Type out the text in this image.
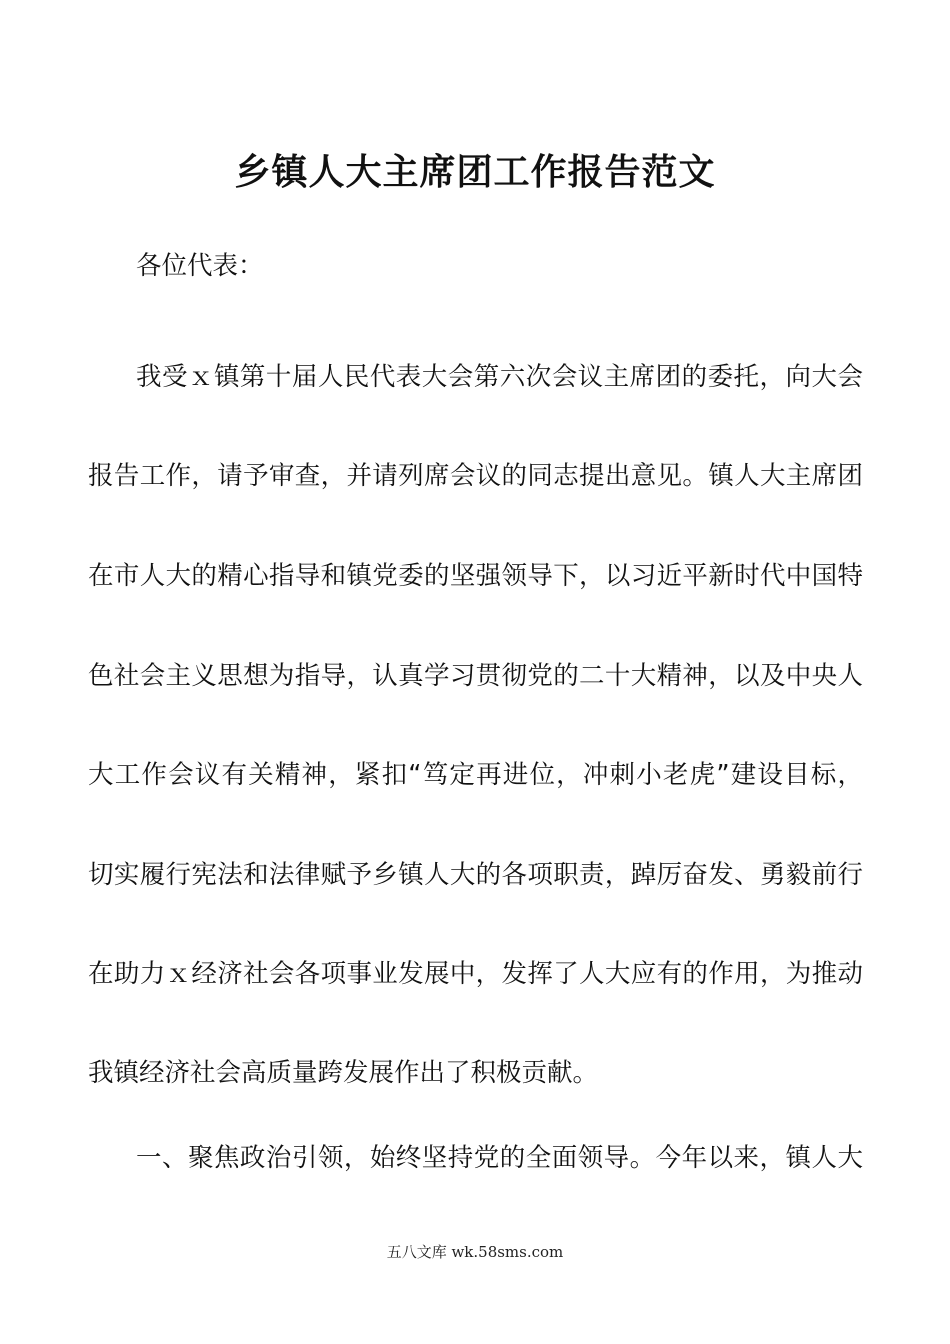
乡镇人大主席团工作报告范文
各位代表：
我受ｘ镇第十届人民代表大会第六次会议主席团的委托，向大会
报告工作，请予审查，并请列席会议的同志提出意见。镇人大主席团
在市人大的精心指导和镇党委的坚强领导下，以习近平新时代中国特
色社会主义思想为指导，认真学习贯彻党的二十大精神，以及中央人
大工作会议有关精神，紧扣“笃定再进位，冲刺小老虎”建设目标，
切实履行宪法和法律赋予乡镇人大的各项职责，踔厉奋发、勇毅前行
在助力ｘ经济社会各项事业发展中，发挥了人大应有的作用，为推动
我镇经济社会高质量跨发展作出了积极贡献。
一、聚焦政治引领，始终坚持党的全面领导。今年以来，镇人大
五八文库 wk.58sms.com
